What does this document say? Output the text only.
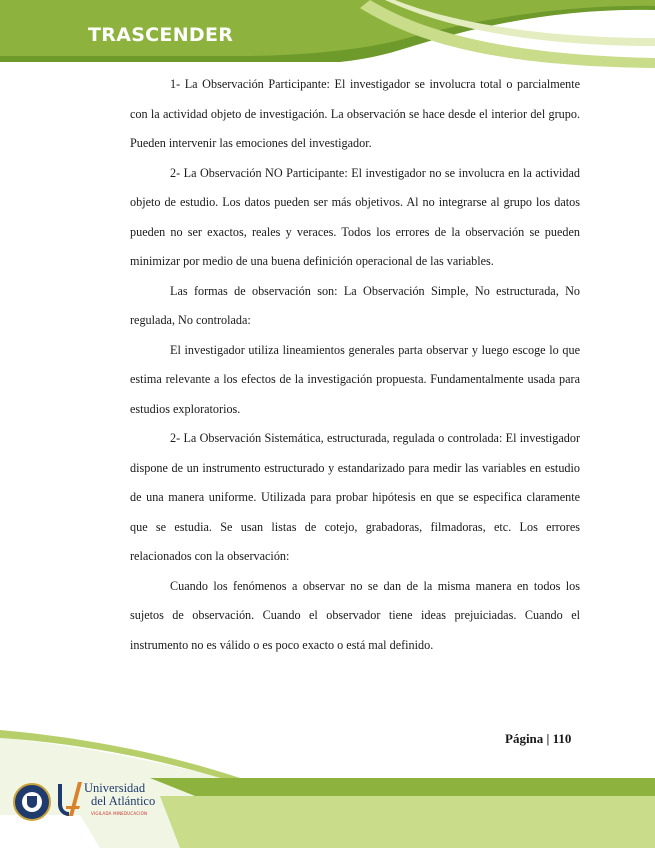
TRASCENDER

1- La Observación Participante: El investigador se involucra total o parcialmente con la actividad objeto de investigación. La observación se hace desde el interior del grupo. Pueden intervenir las emociones del investigador.

2- La Observación NO Participante: El investigador no se involucra en la actividad objeto de estudio. Los datos pueden ser más objetivos. Al no integrarse al grupo los datos pueden no ser exactos, reales y veraces. Todos los errores de la observación se pueden minimizar por medio de una buena definición operacional de las variables.

Las formas de observación son: La Observación Simple, No estructurada, No regulada, No controlada:

El investigador utiliza lineamientos generales parta observar y luego escoge lo que estima relevante a los efectos de la investigación propuesta. Fundamentalmente usada para estudios exploratorios.

2- La Observación Sistemática, estructurada, regulada o controlada: El investigador dispone de un instrumento estructurado y estandarizado para medir las variables en estudio de una manera uniforme. Utilizada para probar hipótesis en que se especifica claramente que se estudia. Se usan listas de cotejo, grabadoras, filmadoras, etc. Los errores relacionados con la observación:

Cuando los fenómenos a observar no se dan de la misma manera en todos los sujetos de observación. Cuando el observador tiene ideas prejuiciadas. Cuando el instrumento no es válido o es poco exacto o está mal definido.

Página | 110
Universidad
del Atlántico
VIGILADA MINEDUCACIÓN
